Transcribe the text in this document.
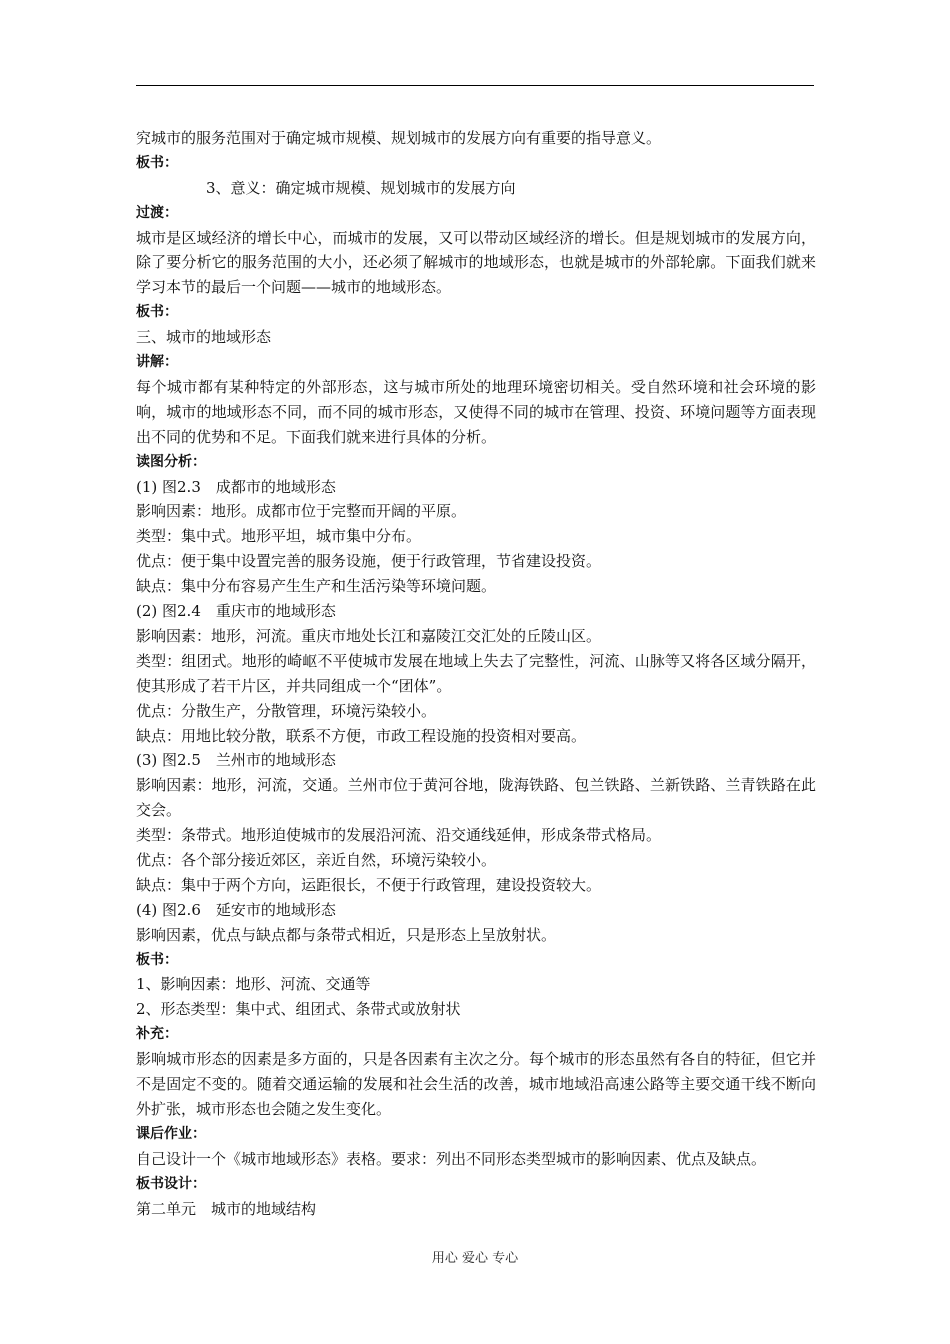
究城市的服务范围对于确定城市规模、规划城市的发展方向有重要的指导意义。
板书：
3、意义：确定城市规模、规划城市的发展方向
过渡：
城市是区域经济的增长中心，而城市的发展，又可以带动区域经济的增长。但是规划城市的发展方向，除了要分析它的服务范围的大小，还必须了解城市的地域形态，也就是城市的外部轮廓。下面我们就来学习本节的最后一个问题——城市的地域形态。
板书：
三、城市的地域形态
讲解：
每个城市都有某种特定的外部形态，这与城市所处的地理环境密切相关。受自然环境和社会环境的影响，城市的地域形态不同，而不同的城市形态，又使得不同的城市在管理、投资、环境问题等方面表现出不同的优势和不足。下面我们就来进行具体的分析。
读图分析：
(1) 图2.3　成都市的地域形态
影响因素：地形。成都市位于完整而开阔的平原。
类型：集中式。地形平坦，城市集中分布。
优点：便于集中设置完善的服务设施，便于行政管理，节省建设投资。
缺点：集中分布容易产生生产和生活污染等环境问题。
(2) 图2.4　重庆市的地域形态
影响因素：地形，河流。重庆市地处长江和嘉陵江交汇处的丘陵山区。
类型：组团式。地形的崎岖不平使城市发展在地域上失去了完整性，河流、山脉等又将各区域分隔开，使其形成了若干片区，并共同组成一个“团体”。
优点：分散生产，分散管理，环境污染较小。
缺点：用地比较分散，联系不方便，市政工程设施的投资相对要高。
(3) 图2.5　兰州市的地域形态
影响因素：地形，河流，交通。兰州市位于黄河谷地，陇海铁路、包兰铁路、兰新铁路、兰青铁路在此交会。
类型：条带式。地形迫使城市的发展沿河流、沿交通线延伸，形成条带式格局。
优点：各个部分接近郊区，亲近自然，环境污染较小。
缺点：集中于两个方向，运距很长，不便于行政管理，建设投资较大。
(4) 图2.6　延安市的地域形态
影响因素，优点与缺点都与条带式相近，只是形态上呈放射状。
板书：
1、影响因素：地形、河流、交通等
2、形态类型：集中式、组团式、条带式或放射状
补充：
影响城市形态的因素是多方面的，只是各因素有主次之分。每个城市的形态虽然有各自的特征，但它并不是固定不变的。随着交通运输的发展和社会生活的改善，城市地域沿高速公路等主要交通干线不断向外扩张，城市形态也会随之发生变化。
课后作业：
自己设计一个《城市地域形态》表格。要求：列出不同形态类型城市的影响因素、优点及缺点。
板书设计：
第二单元　城市的地域结构
用心 爱心 专心
